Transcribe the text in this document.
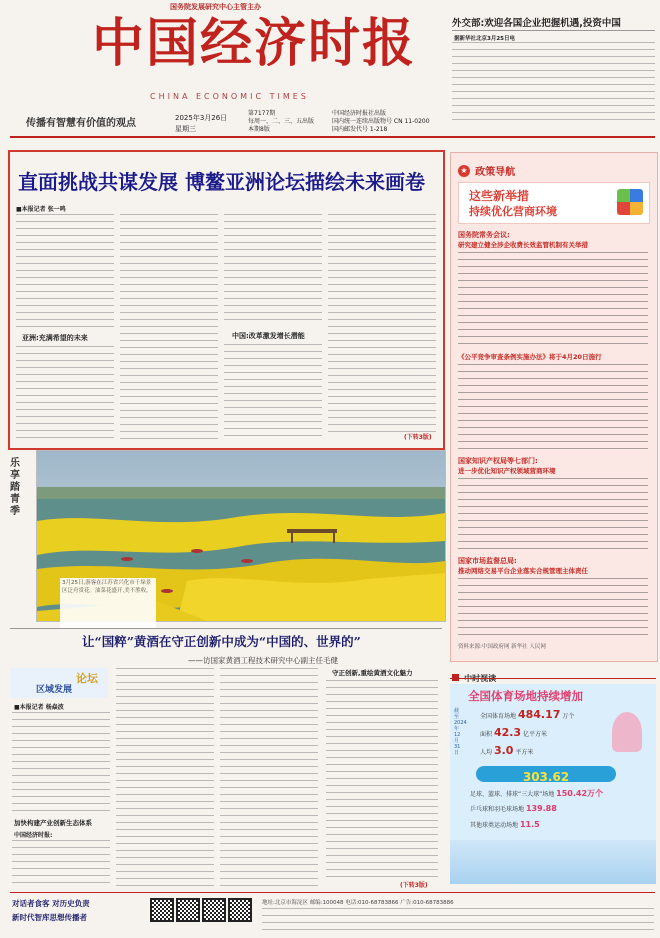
国务院发展研究中心主管主办
中国经济时报
CHINA ECONOMIC TIMES
传播有智慧有价值的观点	2025年3月26日
星期三
第7177期
每周一、二、三、五出版
本期8版
中国经济时报社出版
国内统一连续出版物号 CN 11-0200
国内邮发代号 1-218
外交部:欢迎各国企业把握机遇,投资中国
据新华社北京3月25日电
直面挑战共谋发展 博鳌亚洲论坛描绘未来画卷
■本报记者 张一鸣
亚洲:充满希望的未来	中国:改革激发增长潜能
(下转3版)
乐享踏青季
3月25日,游客在江苏省兴化市千垛景区泛舟赏花。油菜花盛开,美不胜收。
让“国粹”黄酒在守正创新中成为“中国的、世界的”
——访国家黄酒工程技术研究中心副主任毛健
区域发展
论坛
■本报记者 杨焱波
加快构建产业创新生态体系
中国经济时报:
守正创新,重绘黄酒文化魅力
(下转3版)
★ 政策导航
这些新举措
持续优化营商环境
国务院常务会议:
研究建立健全涉企收费长效监管机制有关举措
《公平竞争审查条例实施办法》将于4月20日施行
国家知识产权局等七部门:
进一步优化知识产权领域营商环境
国家市场监督总局:
推动网络交易平台企业落实合规管理主体责任
资料来源:中国政府网 新华社 人民网
全国体育场地持续增加
截至2024年12月31日
全国体育场地 484.17 万个
面积 42.3 亿平方米
人均 3.0 平方米
303.62
足球、篮球、排球“三大球”场地 150.42万个
乒乓球和羽毛球场地 139.88
其他球类运动场地 11.5
对话者食客 对历史负责
新时代智库思想传播者
地址:北京市海淀区 邮编:100048 电话:010-68783866 广告:010-68783886
